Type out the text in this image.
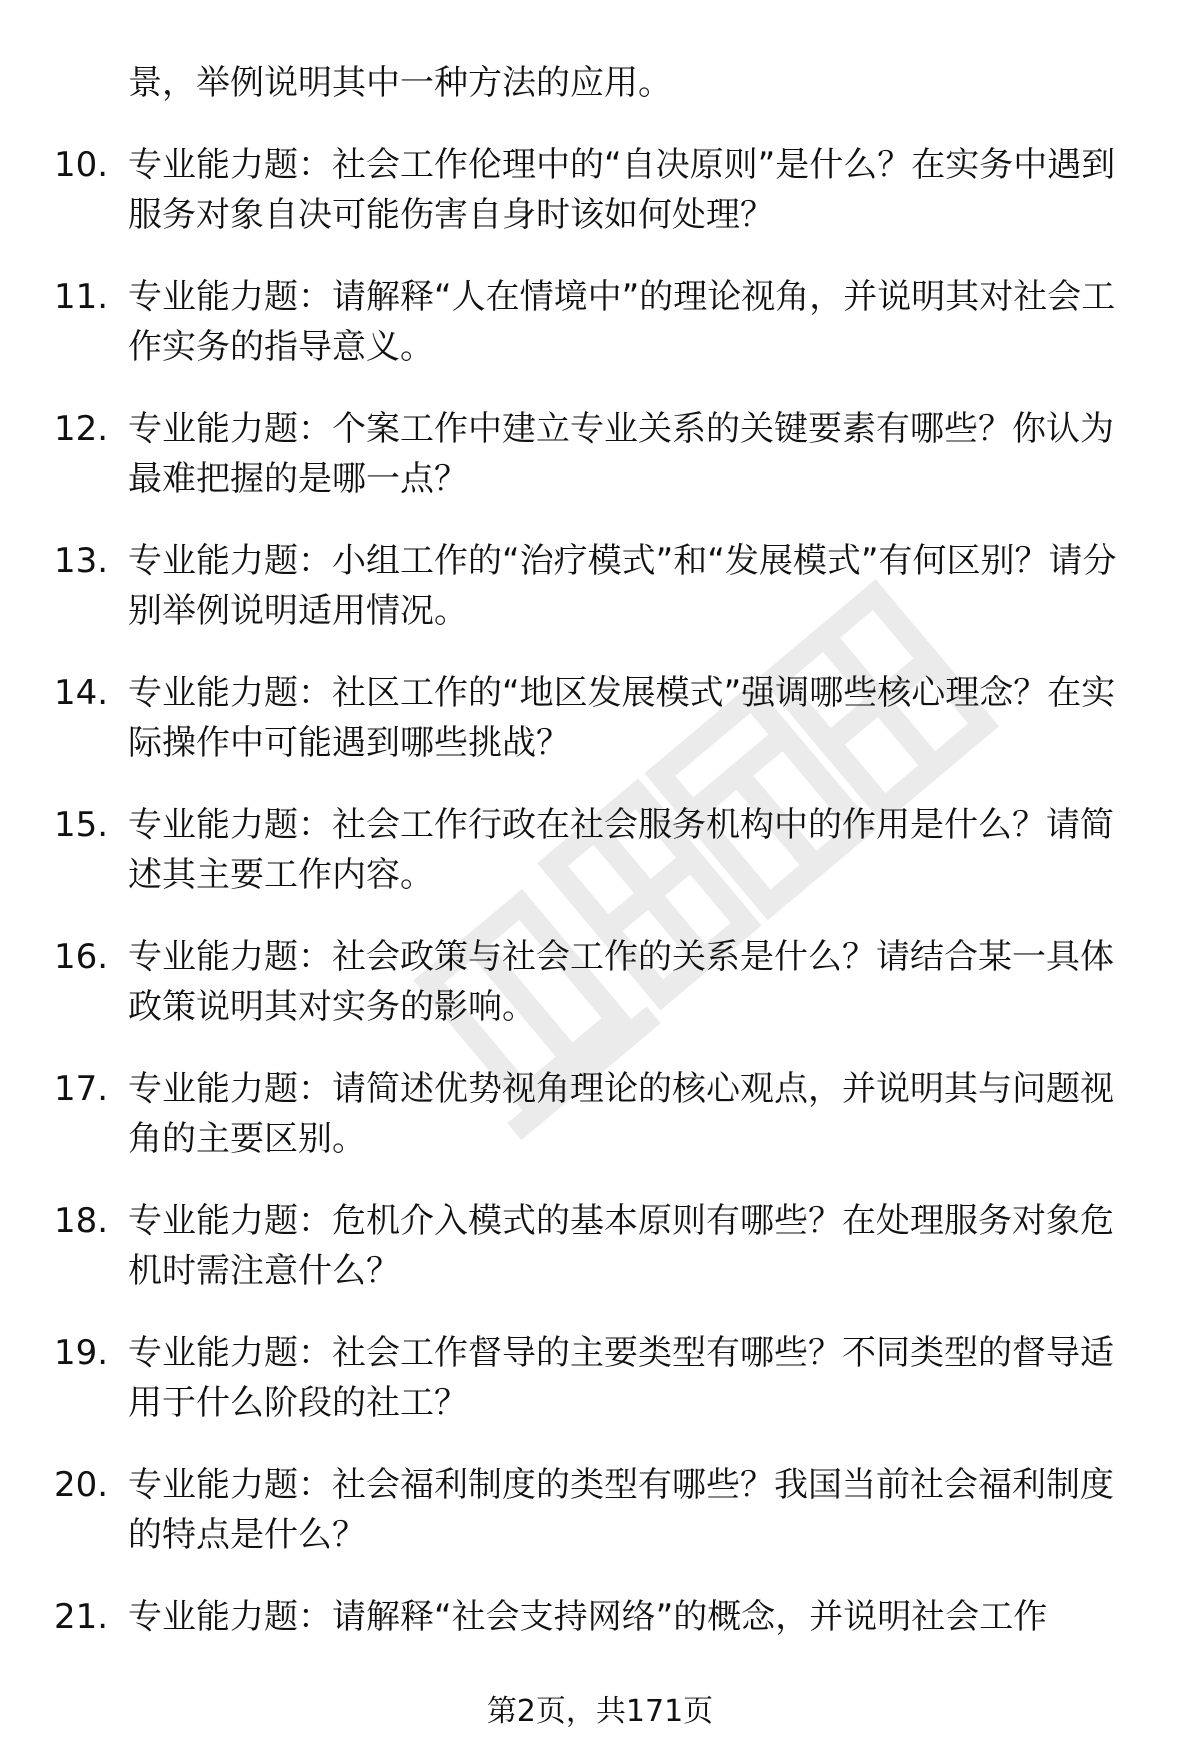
景，举例说明其中一种方法的应用。

10. 专业能力题：社会工作伦理中的“自决原则”是什么？在实务中遇到服务对象自决可能伤害自身时该如何处理？
11. 专业能力题：请解释“人在情境中”的理论视角，并说明其对社会工作实务的指导意义。
12. 专业能力题：个案工作中建立专业关系的关键要素有哪些？你认为最难把握的是哪一点？
13. 专业能力题：小组工作的“治疗模式”和“发展模式”有何区别？请分别举例说明适用情况。
14. 专业能力题：社区工作的“地区发展模式”强调哪些核心理念？在实际操作中可能遇到哪些挑战？
15. 专业能力题：社会工作行政在社会服务机构中的作用是什么？请简述其主要工作内容。
16. 专业能力题：社会政策与社会工作的关系是什么？请结合某一具体政策说明其对实务的影响。
17. 专业能力题：请简述优势视角理论的核心观点，并说明其与问题视角的主要区别。
18. 专业能力题：危机介入模式的基本原则有哪些？在处理服务对象危机时需注意什么？
19. 专业能力题：社会工作督导的主要类型有哪些？不同类型的督导适用于什么阶段的社工？
20. 专业能力题：社会福利制度的类型有哪些？我国当前社会福利制度的特点是什么？
21. 专业能力题：请解释“社会支持网络”的概念，并说明社会工作
第2页，共171页
